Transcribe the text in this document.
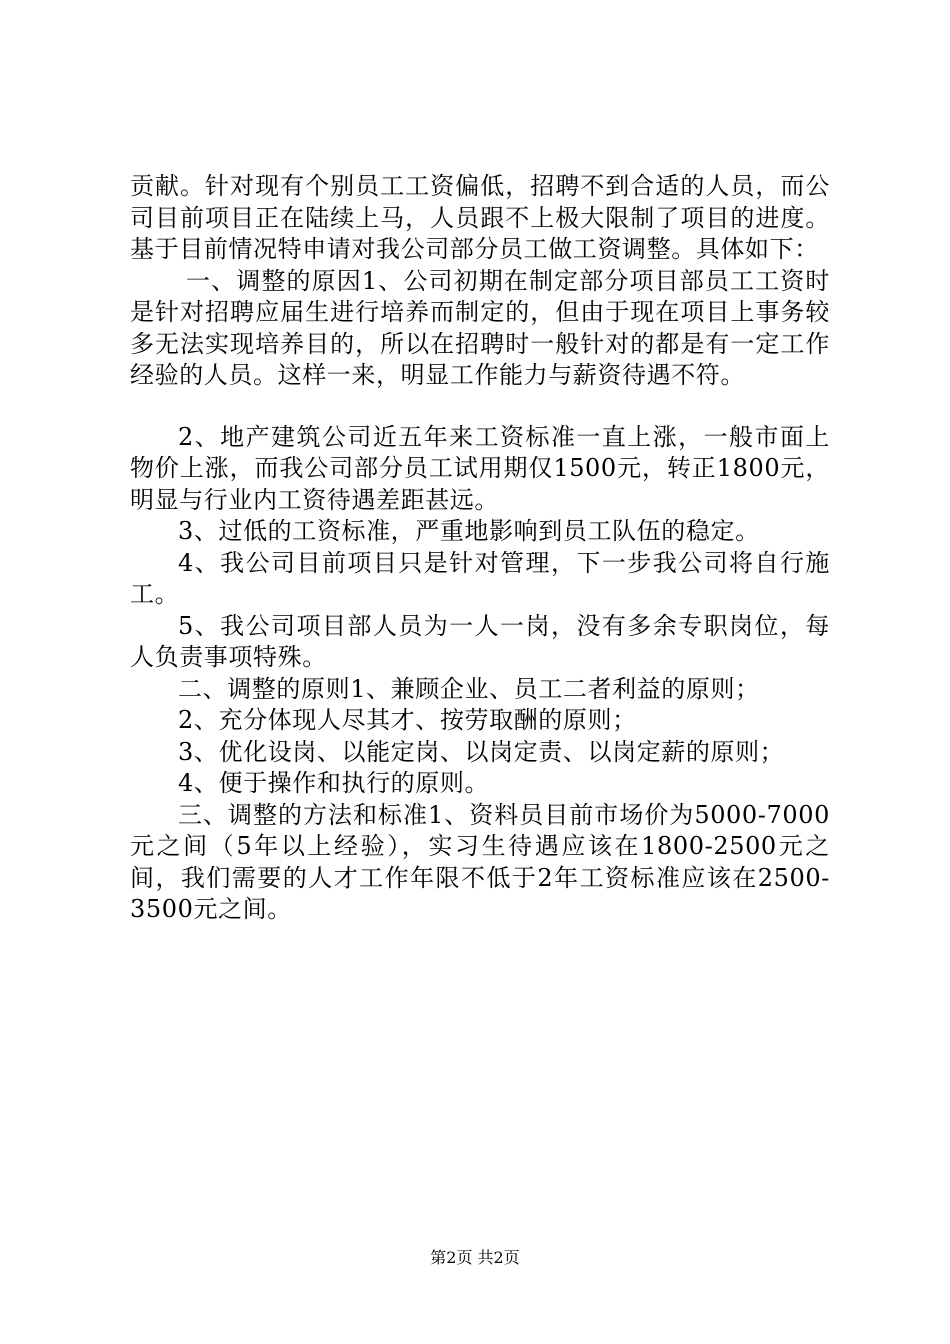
贡献。针对现有个别员工工资偏低，招聘不到合适的人员，而公司目前项目正在陆续上马，人员跟不上极大限制了项目的进度。基于目前情况特申请对我公司部分员工做工资调整。具体如下：

一、调整的原因1、公司初期在制定部分项目部员工工资时是针对招聘应届生进行培养而制定的，但由于现在项目上事务较多无法实现培养目的，所以在招聘时一般针对的都是有一定工作经验的人员。这样一来，明显工作能力与薪资待遇不符。

2、地产建筑公司近五年来工资标准一直上涨，一般市面上物价上涨，而我公司部分员工试用期仅1500元，转正1800元，明显与行业内工资待遇差距甚远。

3、过低的工资标准，严重地影响到员工队伍的稳定。

4、我公司目前项目只是针对管理，下一步我公司将自行施工。

5、我公司项目部人员为一人一岗，没有多余专职岗位，每人负责事项特殊。

二、调整的原则1、兼顾企业、员工二者利益的原则；

2、充分体现人尽其才、按劳取酬的原则；

3、优化设岗、以能定岗、以岗定责、以岗定薪的原则；

4、便于操作和执行的原则。

三、调整的方法和标准1、资料员目前市场价为5000-7000元之间（5年以上经验），实习生待遇应该在1800-2500元之间，我们需要的人才工作年限不低于2年工资标准应该在2500-3500元之间。

第2页 共2页
